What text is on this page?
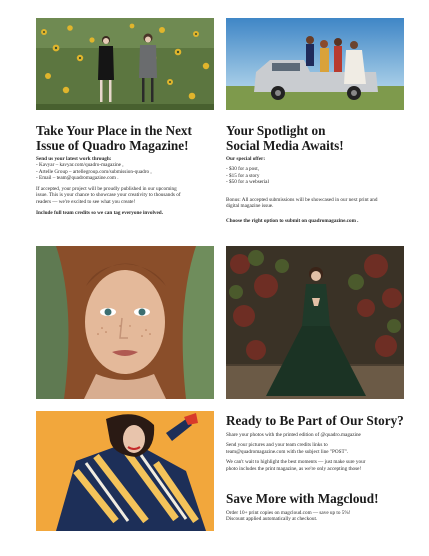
Take Your Place in the Next
Issue of Quadro Magazine!
Send us your latest work through:
- Kavyar – kavyar.com/quadro-magazine ,
- Artelle Group – artellegroup.com/submission-quadro ,
- Email – team@quadromagazine.com .
If accepted, your project will be proudly published in our upcoming
issue. This is your chance to showcase your creativity to thousands of
readers — we're excited to see what you create!
Include full team credits so we can tag everyone involved.
Your Spotlight on
Social Media Awaits!
Our special offer:
- $30 for a post,
- $15 for a story
- $50 for a webserial
Bonus: All accepted submissions will be showcased in our next print and
digital magazine issue.
Choose the right option to submit on quadromagazine.com .
Ready to Be Part of Our Story?
Share your photos with the printed edition of @quadro.magazine
Send your pictures and your team credits links to
team@quadromagazine.com with the subject line "POST".
We can't wait to highlight the best moments — just make sure your
photo includes the print magazine, as we're only accepting those!
Save More with Magcloud!
Order 10+ print copies on magcloud.com — save up to 5%!
Discount applied automatically at checkout.
